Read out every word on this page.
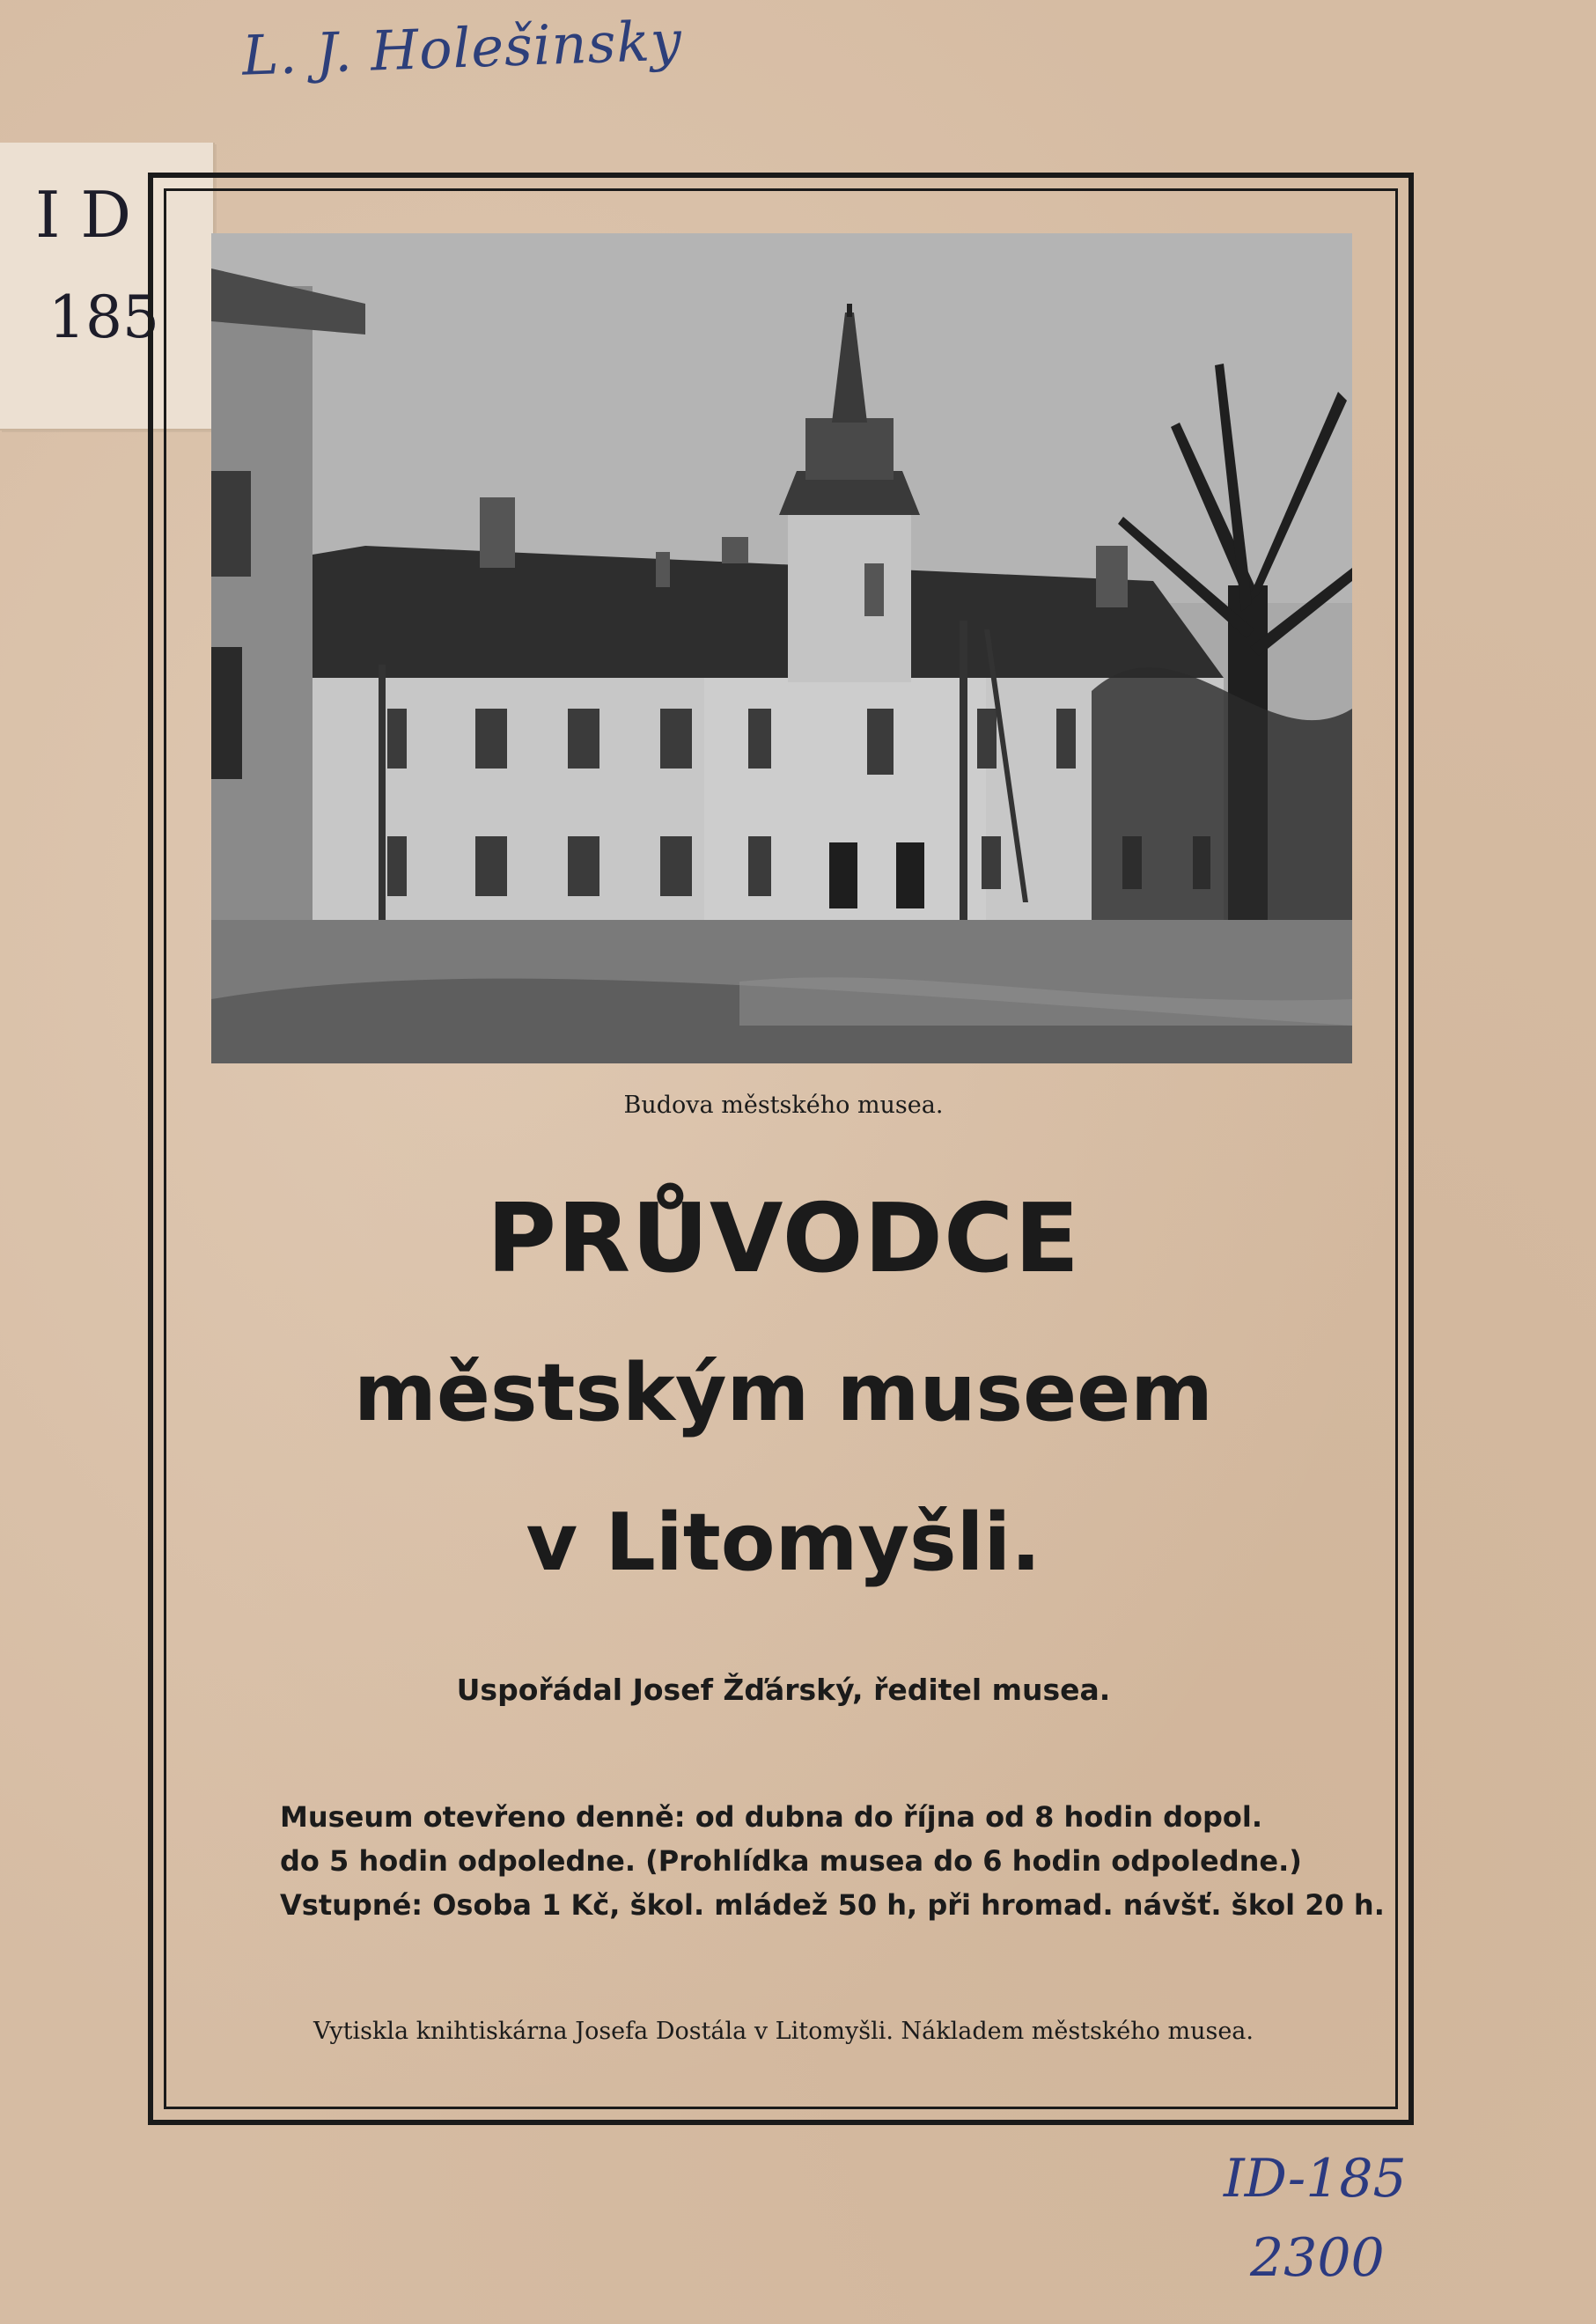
L. J. Holešinsky
I D
185
Budova městského musea.
PRŮVODCE
městským museem
v Litomyšli.
Uspořádal Josef Žďárský, ředitel musea.
Museum otevřeno denně: od dubna do října od 8 hodin dopol.
do 5 hodin odpoledne. (Prohlídka musea do 6 hodin odpoledne.)
Vstupné: Osoba 1 Kč, škol. mládež 50 h, při hromad. návšť. škol 20 h.
Vytiskla knihtiskárna Josefa Dostála v Litomyšli. Nákladem městského musea.
ID-185
2300
